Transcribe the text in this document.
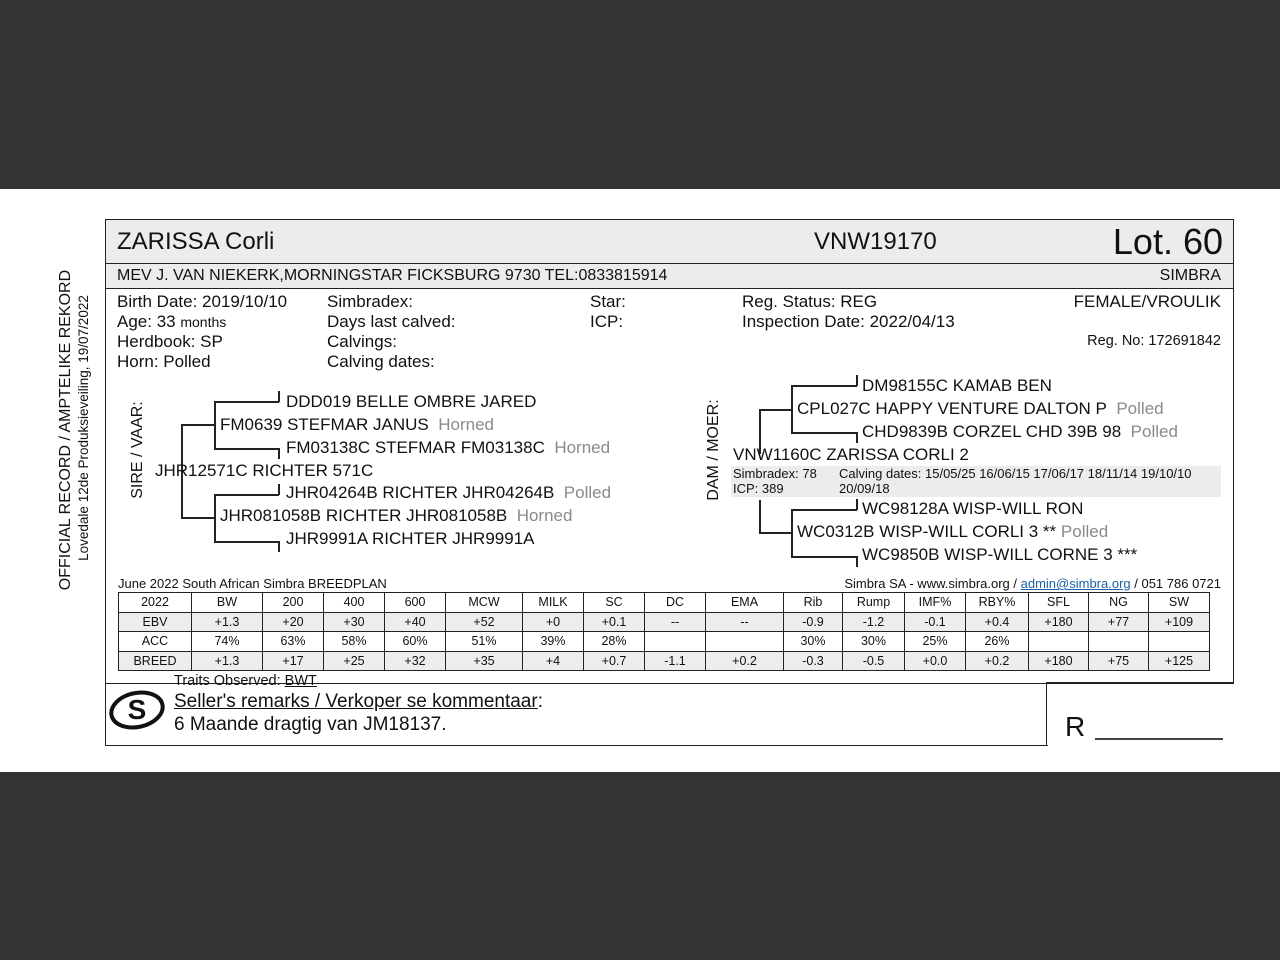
OFFICIAL RECORD / AMPTELIKE REKORD Lovedale 12de Produksieveiling, 19/07/2022
ZARISSA Corli	VNW19170	Lot. 60
MEV J. VAN NIEKERK,MORNINGSTAR FICKSBURG 9730 TEL:0833815914	SIMBRA
Birth Date: 2019/10/10
Age: 33 months
Herdbook: SP
Horn: Polled
Simbradex:
Days last calved:
Calvings:
Calving dates:
Star:
ICP:
Reg. Status: REG
Inspection Date: 2022/04/13
FEMALE/VROULIK
Reg. No: 172691842
SIRE / VAAR:	DDD019 BELLE OMBRE JARED
FM0639 STEFMAR JANUS Horned
FM03138C STEFMAR FM03138C Horned
JHR12571C RICHTER 571C
JHR04264B RICHTER JHR04264B Polled
JHR081058B RICHTER JHR081058B Horned
JHR9991A RICHTER JHR9991A
DAM / MOER:
DM98155C KAMAB BEN
CPL027C HAPPY VENTURE DALTON P Polled
CHD9839B CORZEL CHD 39B 98 Polled
VNW1160C ZARISSA CORLI 2
Simbradex: 78
ICP: 389
Calving dates: 15/05/25 16/06/15 17/06/17 18/11/14 19/10/10
20/09/18
WC98128A WISP-WILL RON
WC0312B WISP-WILL CORLI 3 ** Polled
WC9850B WISP-WILL CORNE 3 ***
June 2022 South African Simbra BREEDPLAN	Simbra SA - www.simbra.org / admin@simbra.org / 051 786 0721
2022	BW	200	400	600	MCW	MILK	SC	DC	EMA	Rib	Rump	IMF%	RBY%	SFL	NG	SW
EBV	+1.3	+20	+30	+40	+52	+0	+0.1	--	--	-0.9	-1.2	-0.1	+0.4	+180	+77	+109
ACC	74%	63%	58%	60%	51%	39%	28%			30%	30%	25%	26%			
BREED	+1.3	+17	+25	+32	+35	+4	+0.7	-1.1	+0.2	-0.3	-0.5	+0.0	+0.2	+180	+75	+125
S
Traits Observed: BWT
Seller's remarks / Verkoper se kommentaar:
6 Maande dragtig van JM18137.	R
